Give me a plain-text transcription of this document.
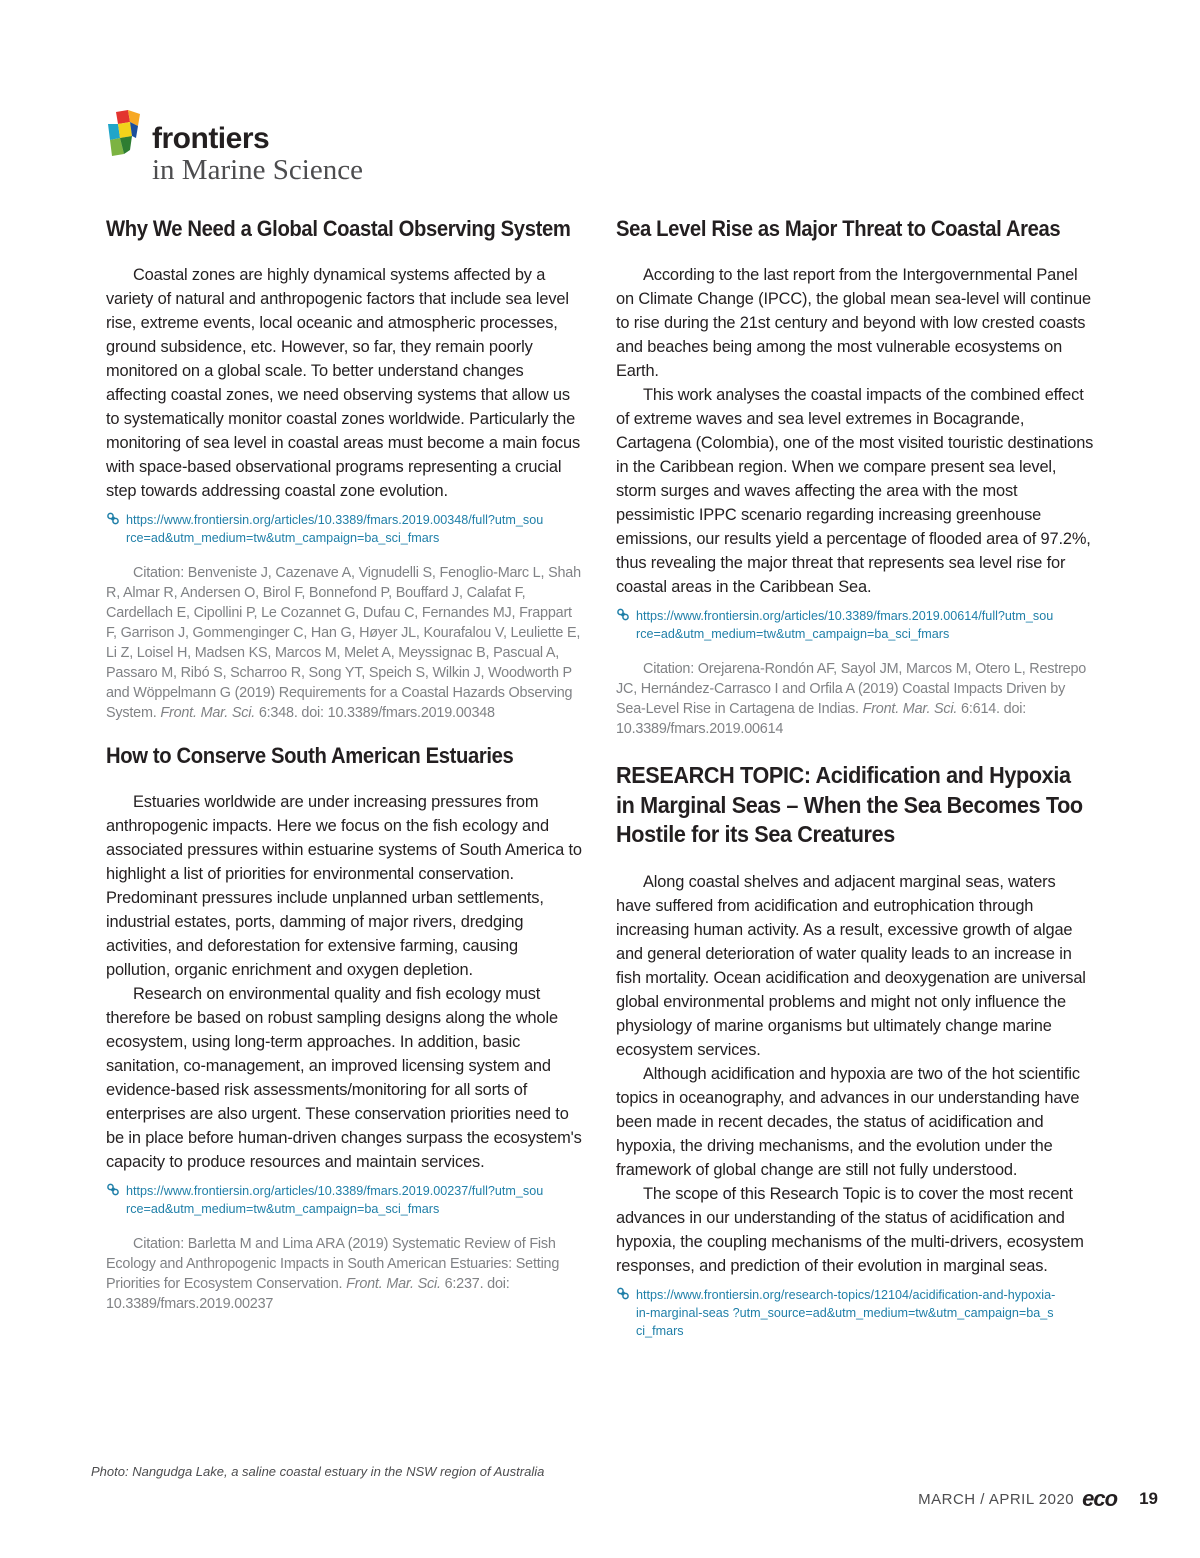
frontiers
in Marine Science
Why We Need a Global Coastal Observing System

Coastal zones are highly dynamical systems affected by a variety of natural and anthropogenic factors that include sea level rise, extreme events, local oceanic and atmospheric processes, ground subsidence, etc. However, so far, they remain poorly monitored on a global scale. To better understand changes affecting coastal zones, we need observing systems that allow us to systematically monitor coastal zones worldwide. Particularly the monitoring of sea level in coastal areas must become a main focus with space-based observational programs representing a crucial step towards addressing coastal zone evolution.

https://www.frontiersin.org/articles/10.3389/fmars.2019.00348/full?utm_source=ad&utm_medium=tw&utm_campaign=ba_sci_fmars

Citation: Benveniste J, Cazenave A, Vignudelli S, Fenoglio-Marc L, Shah R, Almar R, Andersen O, Birol F, Bonnefond P, Bouffard J, Calafat F, Cardellach E, Cipollini P, Le Cozannet G, Dufau C, Fernandes MJ, Frappart F, Garrison J, Gommenginger C, Han G, Høyer JL, Kourafalou V, Leuliette E, Li Z, Loisel H, Madsen KS, Marcos M, Melet A, Meyssignac B, Pascual A, Passaro M, Ribó S, Scharroo R, Song YT, Speich S, Wilkin J, Woodworth P and Wöppelmann G (2019) Requirements for a Coastal Hazards Observing System. Front. Mar. Sci. 6:348. doi: 10.3389/fmars.2019.00348

How to Conserve South American Estuaries

Estuaries worldwide are under increasing pressures from anthropogenic impacts. Here we focus on the fish ecology and associated pressures within estuarine systems of South America to highlight a list of priorities for environmental conservation. Predominant pressures include unplanned urban settlements, industrial estates, ports, damming of major rivers, dredging activities, and deforestation for extensive farming, causing pollution, organic enrichment and oxygen depletion.

Research on environmental quality and fish ecology must therefore be based on robust sampling designs along the whole ecosystem, using long-term approaches. In addition, basic sanitation, co-management, an improved licensing system and evidence-based risk assessments/monitoring for all sorts of enterprises are also urgent. These conservation priorities need to be in place before human-driven changes surpass the ecosystem's capacity to produce resources and maintain services.

https://www.frontiersin.org/articles/10.3389/fmars.2019.00237/full?utm_source=ad&utm_medium=tw&utm_campaign=ba_sci_fmars

Citation: Barletta M and Lima ARA (2019) Systematic Review of Fish Ecology and Anthropogenic Impacts in South American Estuaries: Setting Priorities for Ecosystem Conservation. Front. Mar. Sci. 6:237. doi: 10.3389/fmars.2019.00237

Sea Level Rise as Major Threat to Coastal Areas

According to the last report from the Intergovernmental Panel on Climate Change (IPCC), the global mean sea-level will continue to rise during the 21st century and beyond with low crested coasts and beaches being among the most vulnerable ecosystems on Earth.

This work analyses the coastal impacts of the combined effect of extreme waves and sea level extremes in Bocagrande, Cartagena (Colombia), one of the most visited touristic destinations in the Caribbean region. When we compare present sea level, storm surges and waves affecting the area with the most pessimistic IPPC scenario regarding increasing greenhouse emissions, our results yield a percentage of flooded area of 97.2%, thus revealing the major threat that represents sea level rise for coastal areas in the Caribbean Sea.

https://www.frontiersin.org/articles/10.3389/fmars.2019.00614/full?utm_source=ad&utm_medium=tw&utm_campaign=ba_sci_fmars

Citation: Orejarena-Rondón AF, Sayol JM, Marcos M, Otero L, Restrepo JC, Hernández-Carrasco I and Orfila A (2019) Coastal Impacts Driven by Sea-Level Rise in Cartagena de Indias. Front. Mar. Sci. 6:614. doi: 10.3389/fmars.2019.00614

RESEARCH TOPIC: Acidification and Hypoxia in Marginal Seas – When the Sea Becomes Too Hostile for its Sea Creatures

Along coastal shelves and adjacent marginal seas, waters have suffered from acidification and eutrophication through increasing human activity. As a result, excessive growth of algae and general deterioration of water quality leads to an increase in fish mortality. Ocean acidification and deoxygenation are universal global environmental problems and might not only influence the physiology of marine organisms but ultimately change marine ecosystem services.

Although acidification and hypoxia are two of the hot scientific topics in oceanography, and advances in our understanding have been made in recent decades, the status of acidification and hypoxia, the driving mechanisms, and the evolution under the framework of global change are still not fully understood.

The scope of this Research Topic is to cover the most recent advances in our understanding of the status of acidification and hypoxia, the coupling mechanisms of the multi-drivers, ecosystem responses, and prediction of their evolution in marginal seas.

https://www.frontiersin.org/research-topics/12104/acidification-and-hypoxia-in-marginal-seas ?utm_source=ad&utm_medium=tw&utm_campaign=ba_sci_fmars
Photo: Nangudga Lake, a saline coastal estuary in the NSW region of Australia
MARCH / APRIL 2020 eco 19
